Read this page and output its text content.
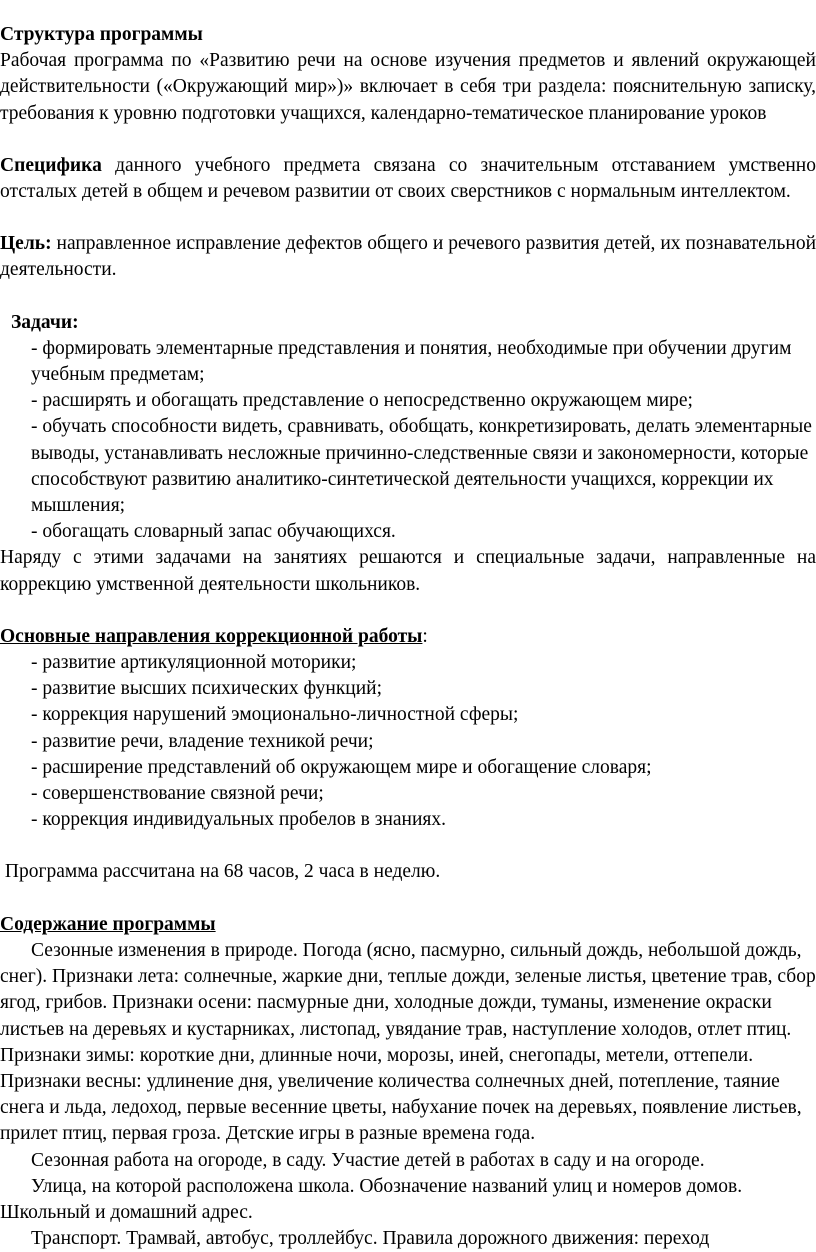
Структура программы

Рабочая программа по «Развитию речи на основе изучения предметов и явлений окружающей действительности («Окружающий мир»)» включает в себя три раздела: пояснительную записку, требования к уровню подготовки учащихся, календарно-тематическое планирование уроков

Специфика данного учебного предмета связана со значительным отставанием умственно отсталых детей в общем и речевом развитии от своих сверстников с нормальным интеллектом.

Цель: направленное исправление дефектов общего и речевого развития детей, их познавательной деятельности.

Задачи:

- формировать элементарные представления и понятия, необходимые при обучении другим учебным предметам;
- расширять и обогащать представление о непосредственно окружающем мире;
- обучать способности видеть, сравнивать, обобщать, конкретизировать, делать элементарные выводы, устанавливать несложные причинно-следственные связи и закономерности, которые способствуют развитию аналитико-синтетической деятельности учащихся, коррекции их мышления;
- обогащать словарный запас обучающихся.

Наряду с этими задачами на занятиях решаются и специальные задачи, направленные на коррекцию умственной деятельности школьников.

Основные направления коррекционной работы:

- развитие артикуляционной моторики;
- развитие высших психических функций;
- коррекция нарушений эмоционально-личностной сферы;
- развитие речи, владение техникой речи;
- расширение представлений об окружающем мире и обогащение словаря;
- совершенствование связной речи;
- коррекция индивидуальных пробелов в знаниях.

Программа рассчитана на 68 часов, 2 часа в неделю.

Содержание программы

Сезонные изменения в природе. Погода (ясно, пасмурно, сильный дождь, небольшой дождь, снег). Признаки лета: солнечные, жаркие дни, теплые дожди, зеленые листья, цветение трав, сбор ягод, грибов. Признаки осени: пасмурные дни, холодные дожди, туманы, изменение окраски листьев на деревьях и кустарниках, листопад, увядание трав, наступление холодов, отлет птиц. Признаки зимы: короткие дни, длинные ночи, морозы, иней, снегопады, метели, оттепели. Признаки весны: удлинение дня, увеличение количества солнечных дней, потепление, таяние снега и льда, ледоход, первые весенние цветы, набухание почек на деревьях, появление листьев, прилет птиц, первая гроза. Детские игры в разные времена года.

Сезонная работа на огороде, в саду. Участие детей в работах в саду и на огороде.

Улица, на которой расположена школа. Обозначение названий улиц и номеров домов. Школьный и домашний адрес.

Транспорт. Трамвай, автобус, троллейбус. Правила дорожного движения: переход
